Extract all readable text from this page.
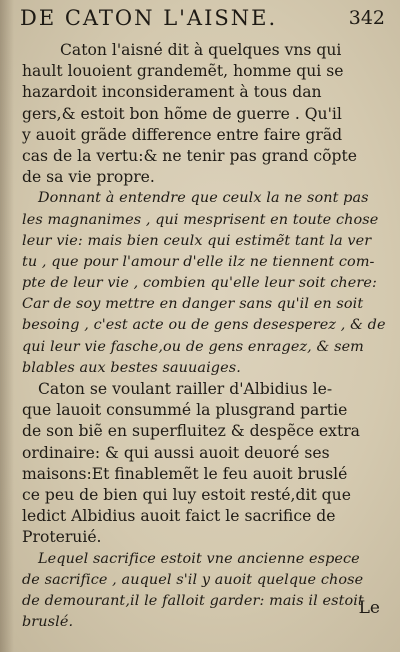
DE CATON L'AISNE.	342
Caton l'aisné dit à quelques vns qui
hault louoient grandemẽt, homme qui se
hazardoit inconsiderament à tous dan
gers,& estoit bon hõme de guerre . Qu'il
y auoit grãde difference entre faire grãd
cas de la vertu:& ne tenir pas grand cõpte
de sa vie propre.
Donnant à entendre que ceulx la ne sont pas
les magnanimes , qui mesprisent en toute chose
leur vie: mais bien ceulx qui estimẽt tant la ver
tu , que pour l'amour d'elle ilz ne tiennent com-
pte de leur vie , combien qu'elle leur soit chere:
Car de soy mettre en danger sans qu'il en soit
besoing , c'est acte ou de gens desesperez , & de
qui leur vie fasche,ou de gens enragez, & sem
blables aux bestes sauuaiges.
Caton se voulant railler d'Albidius le-
que lauoit consummé la plusgrand partie
de son biẽ en superfluitez & despẽce extra
ordinaire: & qui aussi auoit deuoré ses
maisons:Et finablemẽt le feu auoit bruslé
ce peu de bien qui luy estoit resté,dit que
ledict Albidius auoit faict le sacrifice de
Proteruié.
Lequel sacrifice estoit vne ancienne espece
de sacrifice , auquel s'il y auoit quelque chose
de demourant,il le falloit garder: mais il estoit
bruslé.
Le
